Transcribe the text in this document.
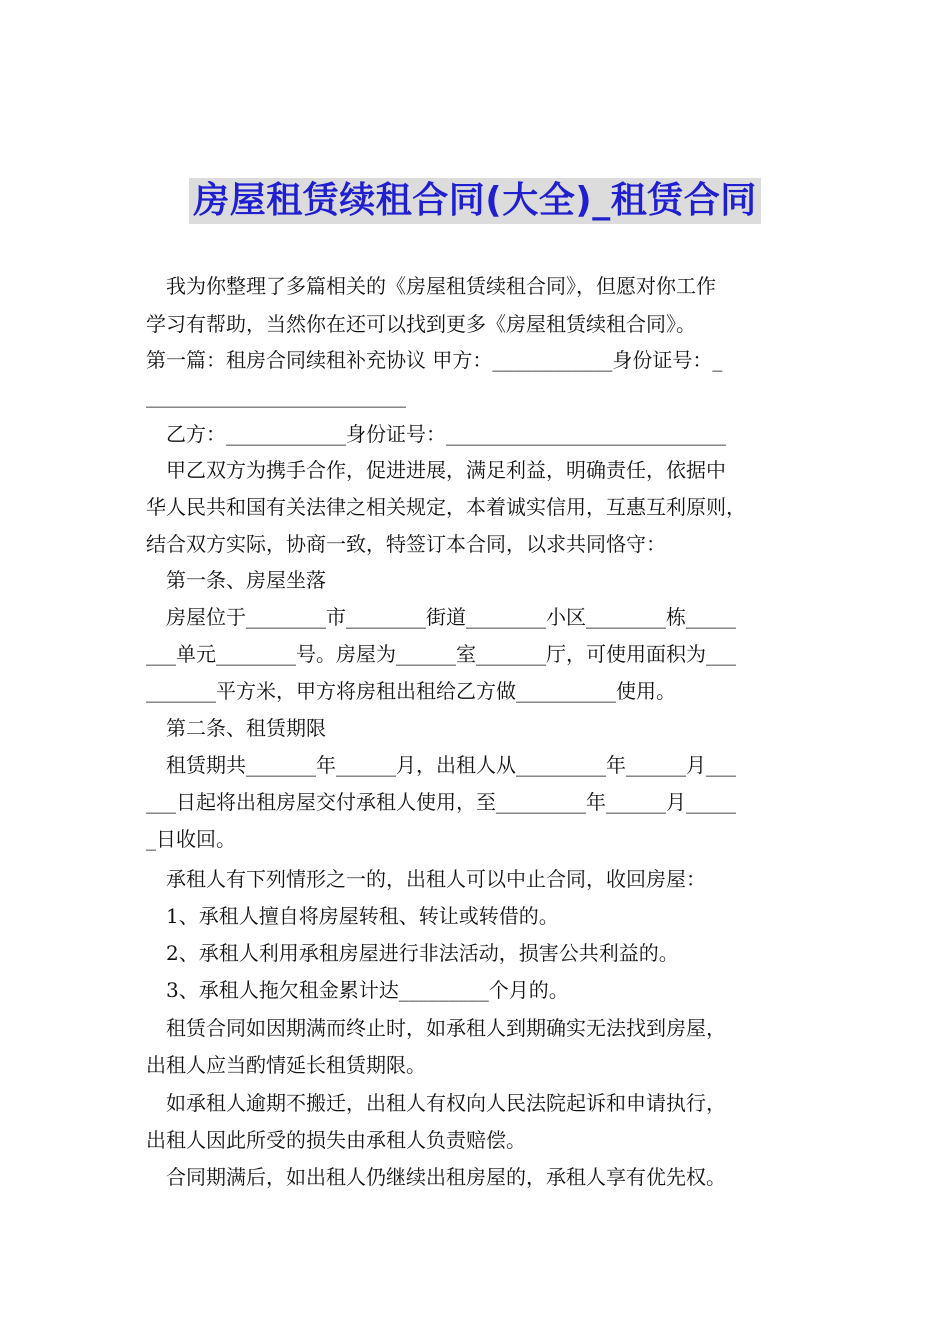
房屋租赁续租合同(大全)_租赁合同
我为你整理了多篇相关的《房屋租赁续租合同》，但愿对你工作
学习有帮助，当然你在还可以找到更多《房屋租赁续租合同》。
第一篇：租房合同续租补充协议 甲方：____________身份证号：_
__________________________
乙方：____________身份证号：____________________________
甲乙双方为携手合作，促进进展，满足利益，明确责任，依据中
华人民共和国有关法律之相关规定，本着诚实信用，互惠互利原则，
结合双方实际，协商一致，特签订本合同，以求共同恪守：
第一条、房屋坐落
房屋位于________市________街道________小区________栋_____
___单元________号。房屋为______室_______厅，可使用面积为___
_______平方米，甲方将房租出租给乙方做__________使用。
第二条、租赁期限
租赁期共_______年______月，出租人从_________年______月___
___日起将出租房屋交付承租人使用，至_________年______月_____
_日收回。
承租人有下列情形之一的，出租人可以中止合同，收回房屋：
1、承租人擅自将房屋转租、转让或转借的。
2、承租人利用承租房屋进行非法活动，损害公共利益的。
3、承租人拖欠租金累计达_________个月的。
租赁合同如因期满而终止时，如承租人到期确实无法找到房屋，
出租人应当酌情延长租赁期限。
如承租人逾期不搬迁，出租人有权向人民法院起诉和申请执行，
出租人因此所受的损失由承租人负责赔偿。
合同期满后，如出租人仍继续出租房屋的，承租人享有优先权。
